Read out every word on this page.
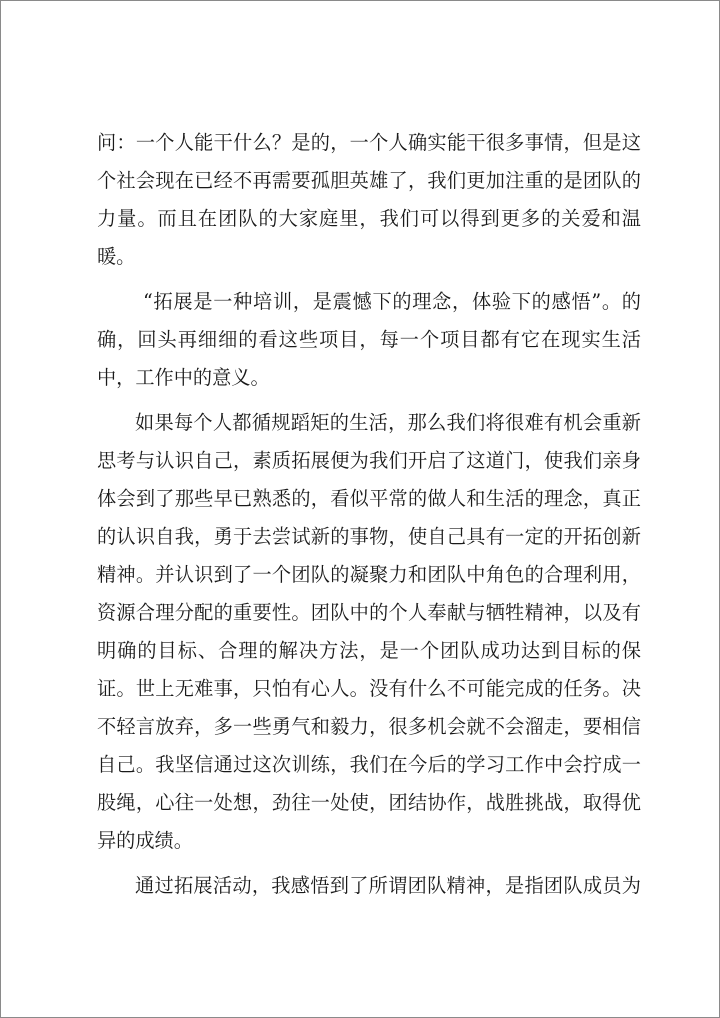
问：一个人能干什么？是的，一个人确实能干很多事情，但是这
个社会现在已经不再需要孤胆英雄了，我们更加注重的是团队的
力量。而且在团队的大家庭里，我们可以得到更多的关爱和温
暖。
“拓展是一种培训，是震憾下的理念，体验下的感悟”。的
确，回头再细细的看这些项目，每一个项目都有它在现实生活
中，工作中的意义。
如果每个人都循规蹈矩的生活，那么我们将很难有机会重新
思考与认识自己，素质拓展便为我们开启了这道门，使我们亲身
体会到了那些早已熟悉的，看似平常的做人和生活的理念，真正
的认识自我，勇于去尝试新的事物，使自己具有一定的开拓创新
精神。并认识到了一个团队的凝聚力和团队中角色的合理利用，
资源合理分配的重要性。团队中的个人奉献与牺牲精神，以及有
明确的目标、合理的解决方法，是一个团队成功达到目标的保
证。世上无难事，只怕有心人。没有什么不可能完成的任务。决
不轻言放弃，多一些勇气和毅力，很多机会就不会溜走，要相信
自己。我坚信通过这次训练，我们在今后的学习工作中会拧成一
股绳，心往一处想，劲往一处使，团结协作，战胜挑战，取得优
异的成绩。
通过拓展活动，我感悟到了所谓团队精神，是指团队成员为
